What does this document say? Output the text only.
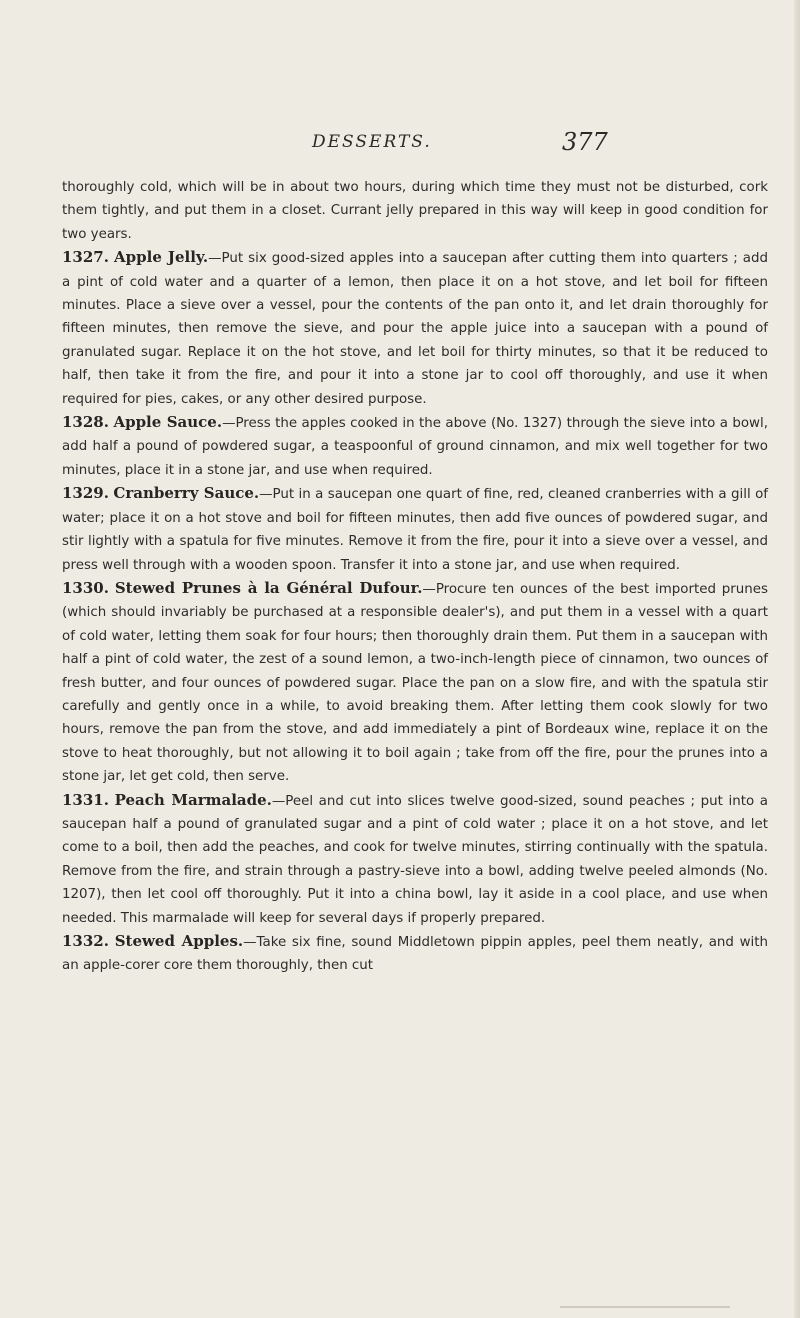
DESSERTS.	377

thoroughly cold, which will be in about two hours, during which time they must not be disturbed, cork them tightly, and put them in a closet. Currant jelly prepared in this way will keep in good condition for two years.

1327. Apple Jelly.—Put six good-sized apples into a saucepan after cutting them into quarters ; add a pint of cold water and a quarter of a lemon, then place it on a hot stove, and let boil for fifteen minutes. Place a sieve over a vessel, pour the contents of the pan onto it, and let drain thoroughly for fifteen minutes, then remove the sieve, and pour the apple juice into a saucepan with a pound of granulated sugar. Replace it on the hot stove, and let boil for thirty minutes, so that it be reduced to half, then take it from the fire, and pour it into a stone jar to cool off thoroughly, and use it when required for pies, cakes, or any other desired purpose.

1328. Apple Sauce.—Press the apples cooked in the above (No. 1327) through the sieve into a bowl, add half a pound of powdered sugar, a teaspoonful of ground cinnamon, and mix well together for two minutes, place it in a stone jar, and use when required.

1329. Cranberry Sauce.—Put in a saucepan one quart of fine, red, cleaned cranberries with a gill of water; place it on a hot stove and boil for fifteen minutes, then add five ounces of powdered sugar, and stir lightly with a spatula for five minutes. Remove it from the fire, pour it into a sieve over a vessel, and press well through with a wooden spoon. Transfer it into a stone jar, and use when required.

1330. Stewed Prunes à la Général Dufour.—Procure ten ounces of the best imported prunes (which should invariably be purchased at a responsible dealer's), and put them in a vessel with a quart of cold water, letting them soak for four hours; then thoroughly drain them. Put them in a saucepan with half a pint of cold water, the zest of a sound lemon, a two-inch-length piece of cinnamon, two ounces of fresh butter, and four ounces of powdered sugar. Place the pan on a slow fire, and with the spatula stir carefully and gently once in a while, to avoid breaking them. After letting them cook slowly for two hours, remove the pan from the stove, and add immediately a pint of Bordeaux wine, replace it on the stove to heat thoroughly, but not allowing it to boil again ; take from off the fire, pour the prunes into a stone jar, let get cold, then serve.

1331. Peach Marmalade.—Peel and cut into slices twelve good-sized, sound peaches ; put into a saucepan half a pound of granulated sugar and a pint of cold water ; place it on a hot stove, and let come to a boil, then add the peaches, and cook for twelve minutes, stirring continually with the spatula. Remove from the fire, and strain through a pastry-sieve into a bowl, adding twelve peeled almonds (No. 1207), then let cool off thoroughly. Put it into a china bowl, lay it aside in a cool place, and use when needed. This marmalade will keep for several days if properly prepared.

1332. Stewed Apples.—Take six fine, sound Middletown pippin apples, peel them neatly, and with an apple-corer core them thoroughly, then cut
